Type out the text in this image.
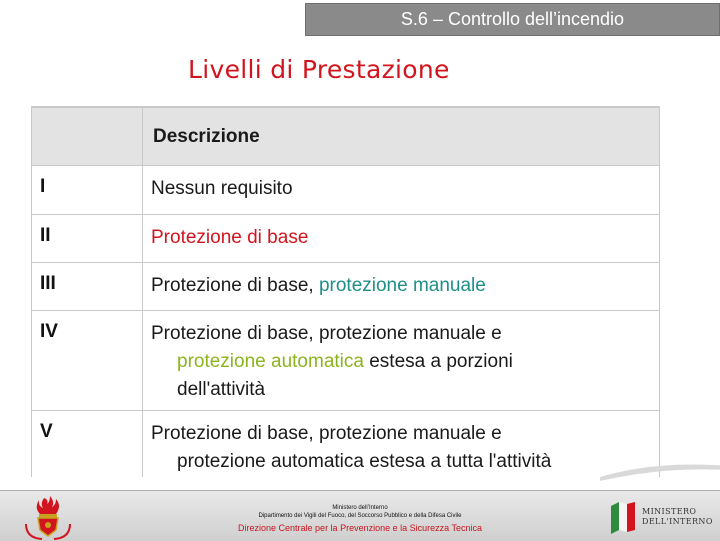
S.6 – Controllo dell’incendio
Livelli di Prestazione
	Descrizione
I	Nessun requisito
II	Protezione di base
III	Protezione di base, protezione manuale
IV	Protezione di base, protezione manuale e
protezione automatica estesa a porzioni
dell'attività

V	Protezione di base, protezione manuale e
protezione automatica estesa a tutta l'attività
Ministero dell’Interno
Dipartimento dei Vigili del Fuoco, del Soccorso Pubblico e della Difesa Civile
Direzione Centrale per la Prevenzione e la Sicurezza Tecnica
MINISTERO
DELL'INTERNO
